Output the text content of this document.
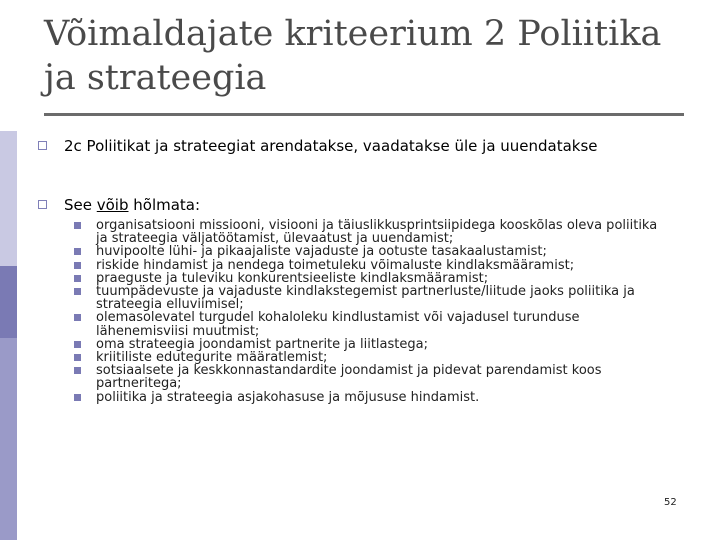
Võimaldajate kriteerium 2 Poliitika ja strateegia
2c Poliitikat ja strateegiat arendatakse, vaadatakse üle ja uuendatakse
See võib hõlmata:
organisatsiooni missiooni, visiooni ja täiuslikkusprintsiipidega kooskõlas oleva poliitika ja strateegia väljatöötamist, ülevaatust ja uuendamist;
huvipoolte lühi- ja pikaajaliste vajaduste ja ootuste tasakaalustamist;
riskide hindamist ja nendega toimetuleku võimaluste kindlaksmääramist;
praeguste ja tuleviku konkurentsieeliste kindlaksmääramist;
tuumpädevuste ja vajaduste kindlakstegemist partnerluste/liitude jaoks poliitika ja strateegia elluviimisel;
olemasolevatel turgudel kohaloleku kindlustamist või vajadusel turunduse lähenemisviisi muutmist;
oma strateegia joondamist partnerite ja liitlastega;
kriitiliste edutegurite määratlemist;
sotsiaalsete ja keskkonnastandardite joondamist ja pidevat parendamist koos partneritega;
poliitika ja strateegia asjakohasuse ja mõjususe hindamist.
52
